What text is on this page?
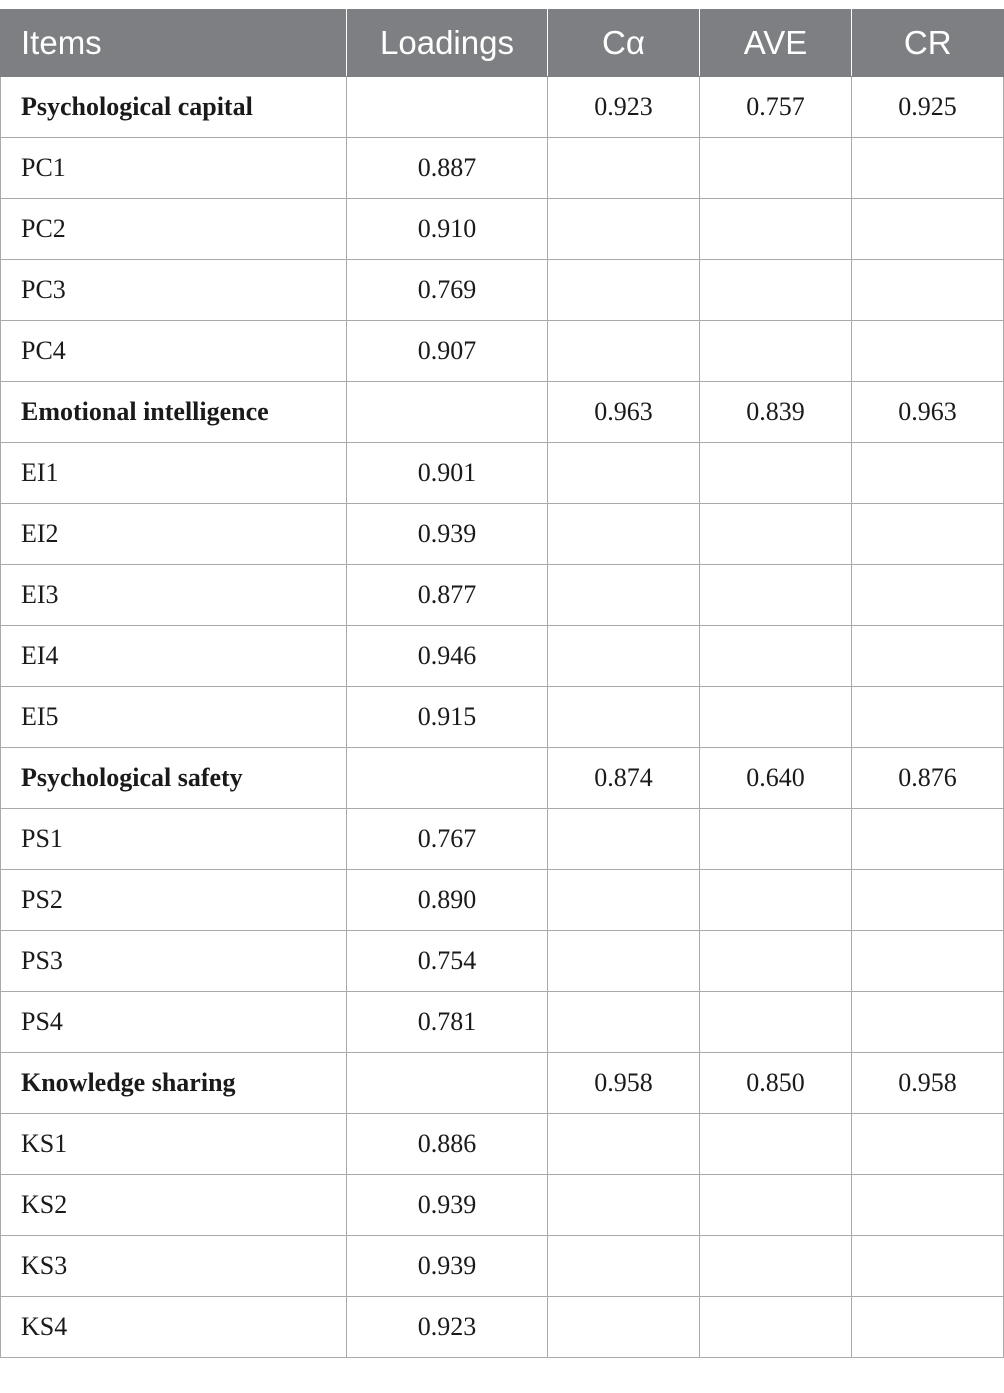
Items	Loadings	Cα	AVE	CR
Psychological capital		0.923	0.757	0.925
PC1	0.887			
PC2	0.910			
PC3	0.769			
PC4	0.907			
Emotional intelligence		0.963	0.839	0.963
EI1	0.901			
EI2	0.939			
EI3	0.877			
EI4	0.946			
EI5	0.915			
Psychological safety		0.874	0.640	0.876
PS1	0.767			
PS2	0.890			
PS3	0.754			
PS4	0.781			
Knowledge sharing		0.958	0.850	0.958
KS1	0.886			
KS2	0.939			
KS3	0.939			
KS4	0.923			
